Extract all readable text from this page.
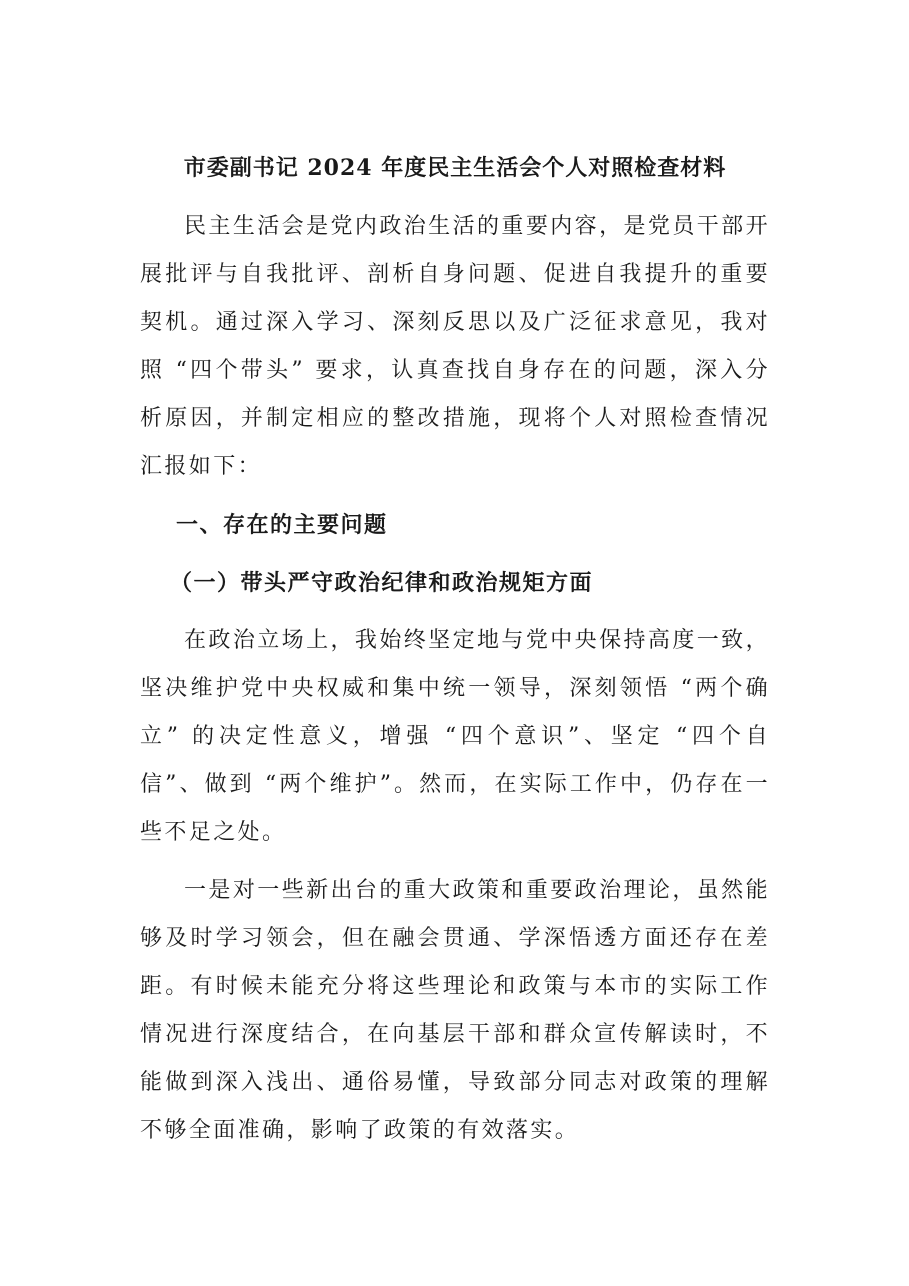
市委副书记 2024 年度民主生活会个人对照检查材料

民主生活会是党内政治生活的重要内容，是党员干部开展批评与自我批评、剖析自身问题、促进自我提升的重要契机。通过深入学习、深刻反思以及广泛征求意见，我对照 “四个带头” 要求，认真查找自身存在的问题，深入分析原因，并制定相应的整改措施，现将个人对照检查情况汇报如下：

一、存在的主要问题
（一）带头严守政治纪律和政治规矩方面

在政治立场上，我始终坚定地与党中央保持高度一致，坚决维护党中央权威和集中统一领导，深刻领悟 “两个确立” 的决定性意义，增强 “四个意识”、坚定 “四个自信”、做到 “两个维护”。然而，在实际工作中，仍存在一些不足之处。

一是对一些新出台的重大政策和重要政治理论，虽然能够及时学习领会，但在融会贯通、学深悟透方面还存在差距。有时候未能充分将这些理论和政策与本市的实际工作情况进行深度结合，在向基层干部和群众宣传解读时，不能做到深入浅出、通俗易懂，导致部分同志对政策的理解不够全面准确，影响了政策的有效落实。
